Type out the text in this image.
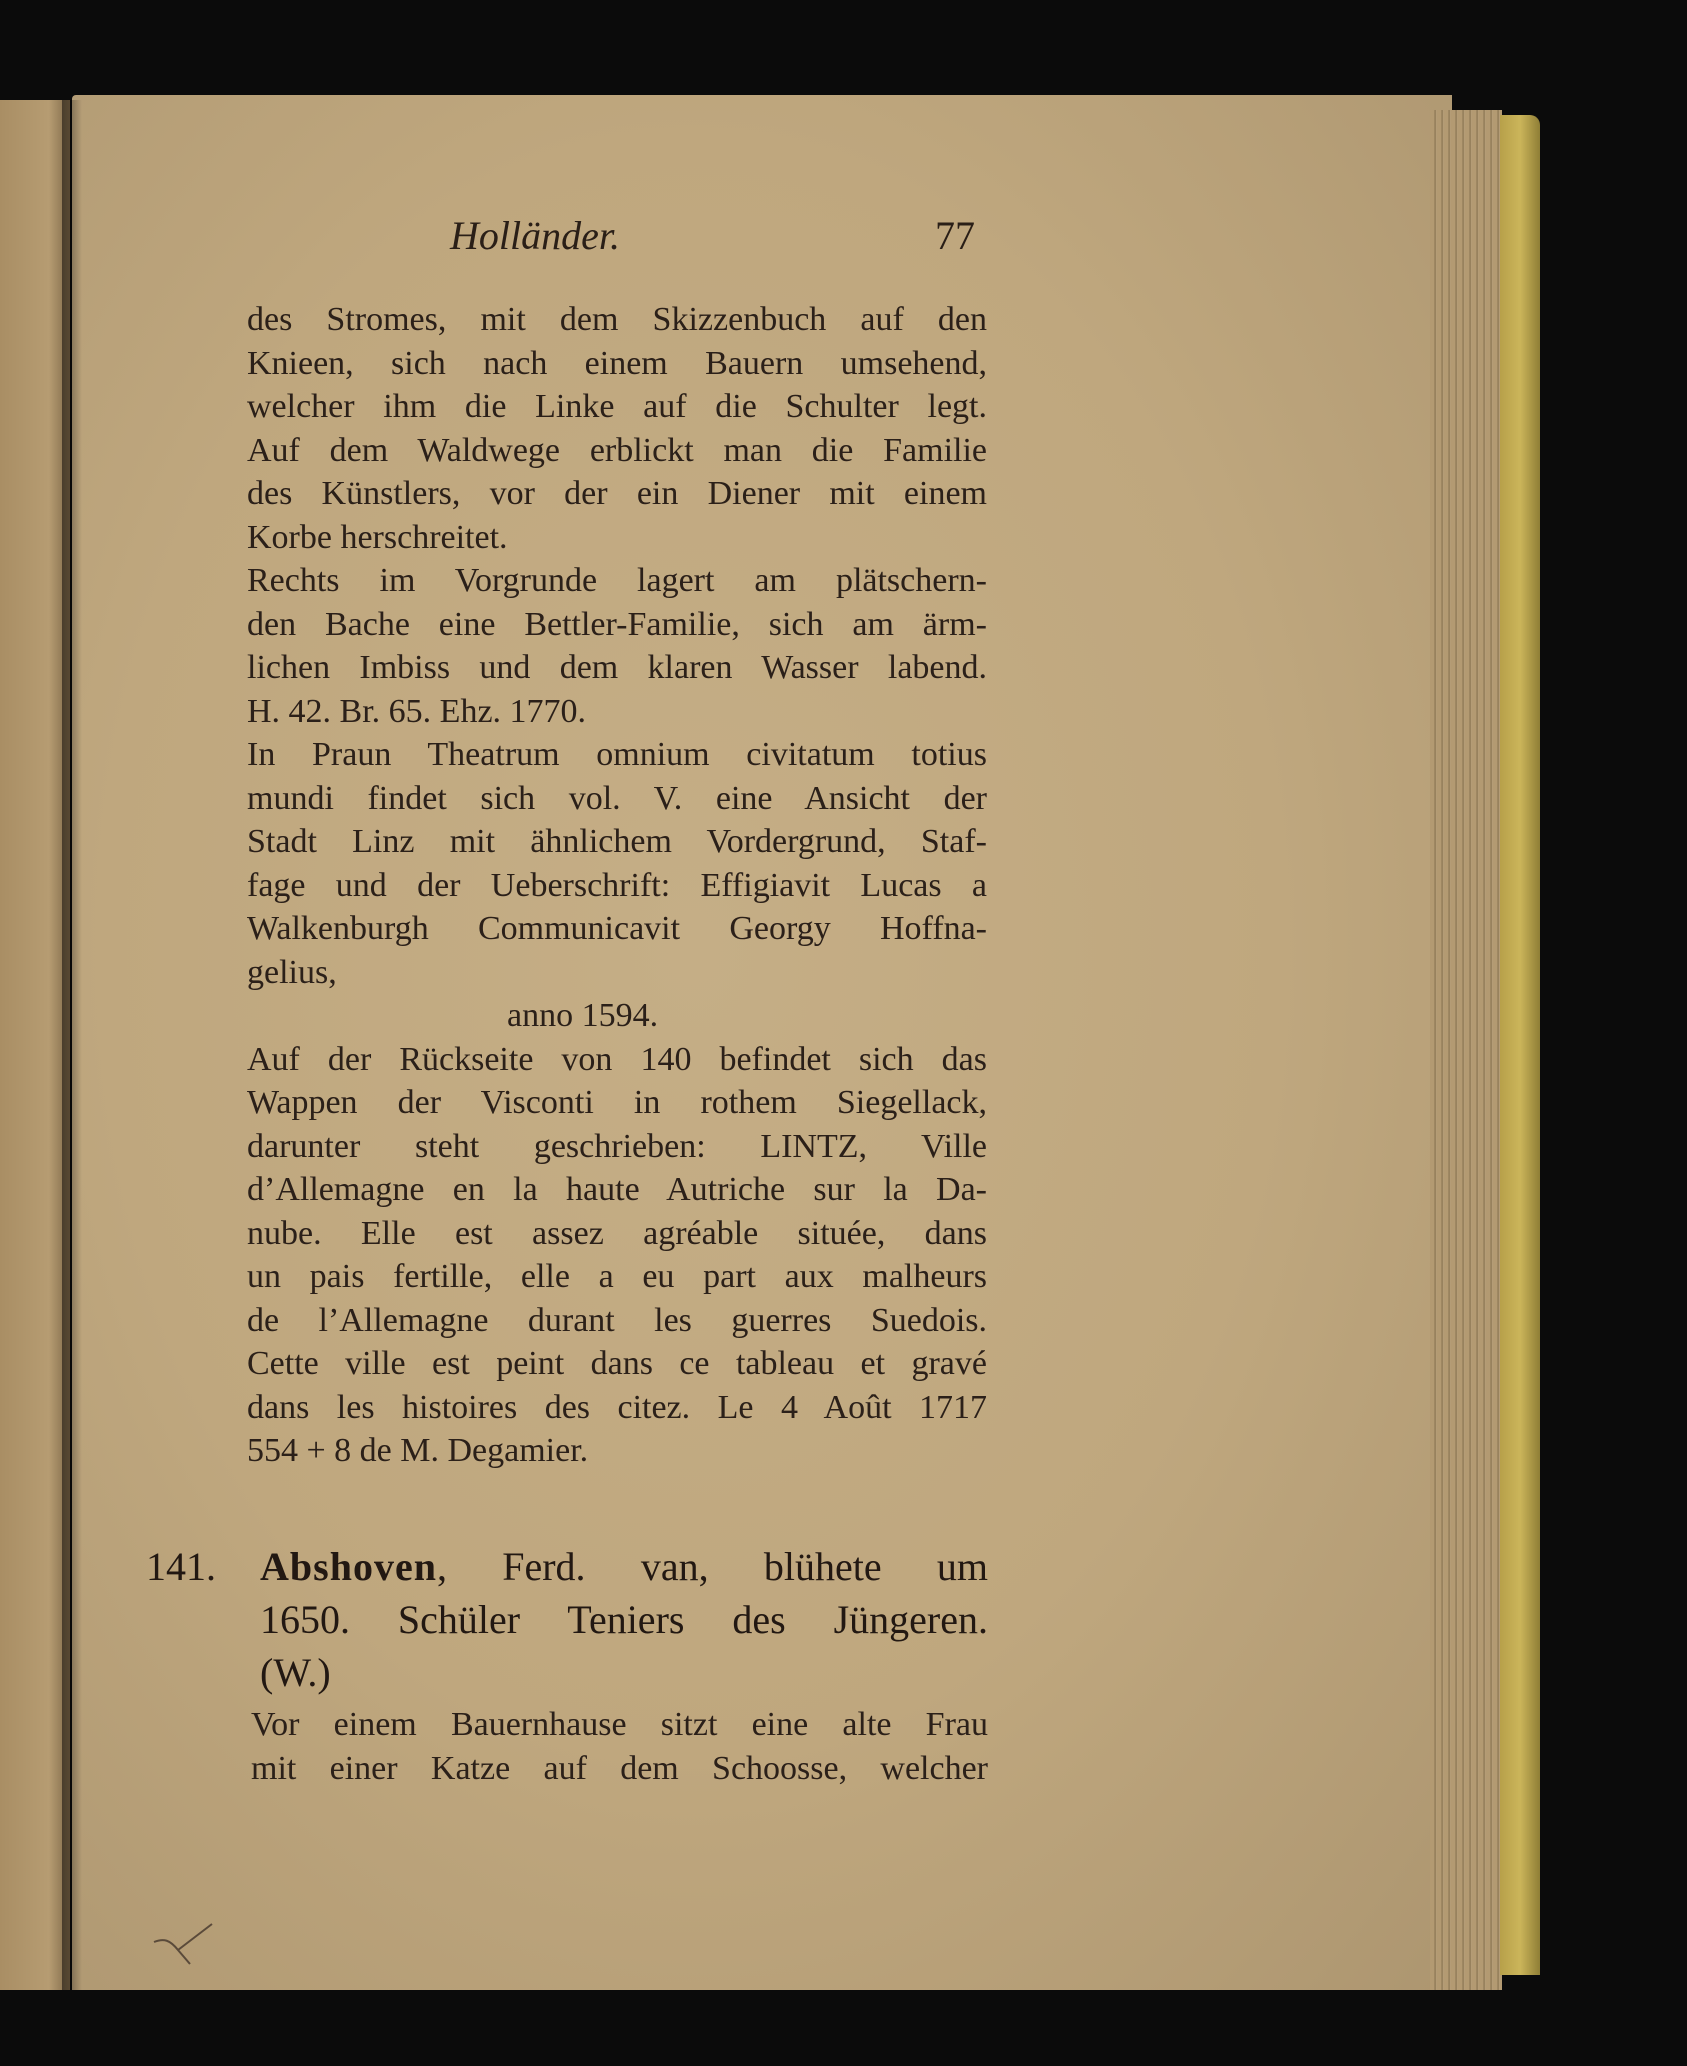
Holländer.	77
des Stromes, mit dem Skizzenbuch auf den
Knieen, sich nach einem Bauern umsehend,
welcher ihm die Linke auf die Schulter legt.
Auf dem Waldwege erblickt man die Familie
des Künstlers, vor der ein Diener mit einem
Korbe herschreitet.
Rechts im Vorgrunde lagert am plätschern-
den Bache eine Bettler-Familie, sich am ärm-
lichen Imbiss und dem klaren Wasser labend.
H. 42. Br. 65. Ehz. 1770.
In Praun Theatrum omnium civitatum totius
mundi findet sich vol. V. eine Ansicht der
Stadt Linz mit ähnlichem Vordergrund, Staf-
fage und der Ueberschrift: Effigiavit Lucas a
Walkenburgh Communicavit Georgy Hoffna-
gelius,
anno 1594.
Auf der Rückseite von 140 befindet sich das
Wappen der Visconti in rothem Siegellack,
darunter steht geschrieben: LINTZ, Ville
d’Allemagne en la haute Autriche sur la Da-
nube. Elle est assez agréable située, dans
un pais fertille, elle a eu part aux malheurs
de l’Allemagne durant les guerres Suedois.
Cette ville est peint dans ce tableau et gravé
dans les histoires des citez. Le 4 Août 1717
554 + 8 de M. Degamier.
141. Abshoven, Ferd. van, blühete um
1650. Schüler Teniers des Jüngeren.
(W.)
Vor einem Bauernhause sitzt eine alte Frau
mit einer Katze auf dem Schoosse, welcher
